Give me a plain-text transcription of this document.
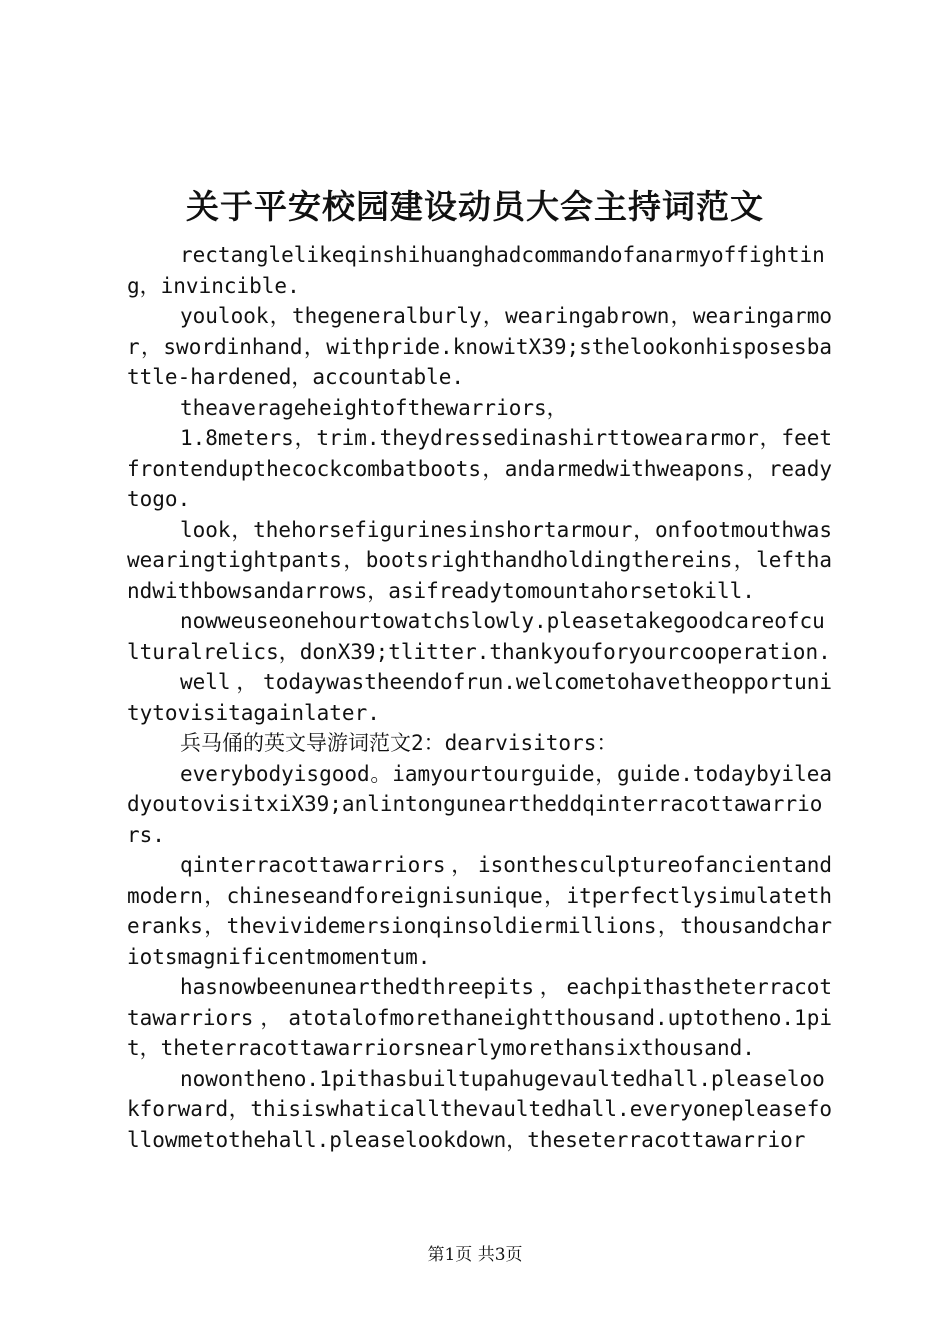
关于平安校园建设动员大会主持词范文

rectanglelikeqinshihuanghadcommandofanarmyoffighting，invincible.

youlook，thegeneralburly，wearingabrown，wearingarmor，swordinhand，withpride.knowitX39;sthelookonhisposesbattle-hardened，accountable.

theaverageheightofthewarriors，

1.8meters，trim.theydressedinashirttoweararmor，feetfrontendupthecockcombatboots，andarmedwithweapons，readytogo.

look，thehorsefigurinesinshortarmour，onfootmouthwaswearingtightpants，bootsrighthandholdingthereins，lefthandwithbowsandarrows，asifreadytomountahorsetokill.

nowweuseonehourtowatchslowly.pleasetakegoodcareofculturalrelics，donX39;tlitter.thankyouforyourcooperation.

well，todaywastheendofrun.welcometohavetheopportunitytovisitagainlater.

兵马俑的英文导游词范文2：dearvisitors：

everybodyisgood。iamyourtourguide，guide.todaybyileadyoutovisitxiX39;anlintonguneartheddqinterracottawarriors.

qinterracottawarriors，isonthesculptureofancientandmodern，chineseandforeignisunique，itperfectlysimulatetheranks，thevividemersionqinsoldiermillions，thousandchariotsmagnificentmomentum.

hasnowbeenunearthedthreepits，eachpithastheterracottawarriors，atotalofmorethaneightthousand.uptotheno.1pit，theterracottawarriorsnearlymorethansixthousand.

nowontheno.1pithasbuiltupahugevaultedhall.pleaselookforward，thisiswhaticallthevaultedhall.everyonepleasefollowmetothehall.pleaselookdown，theseterracottawarrior

第1页 共3页
